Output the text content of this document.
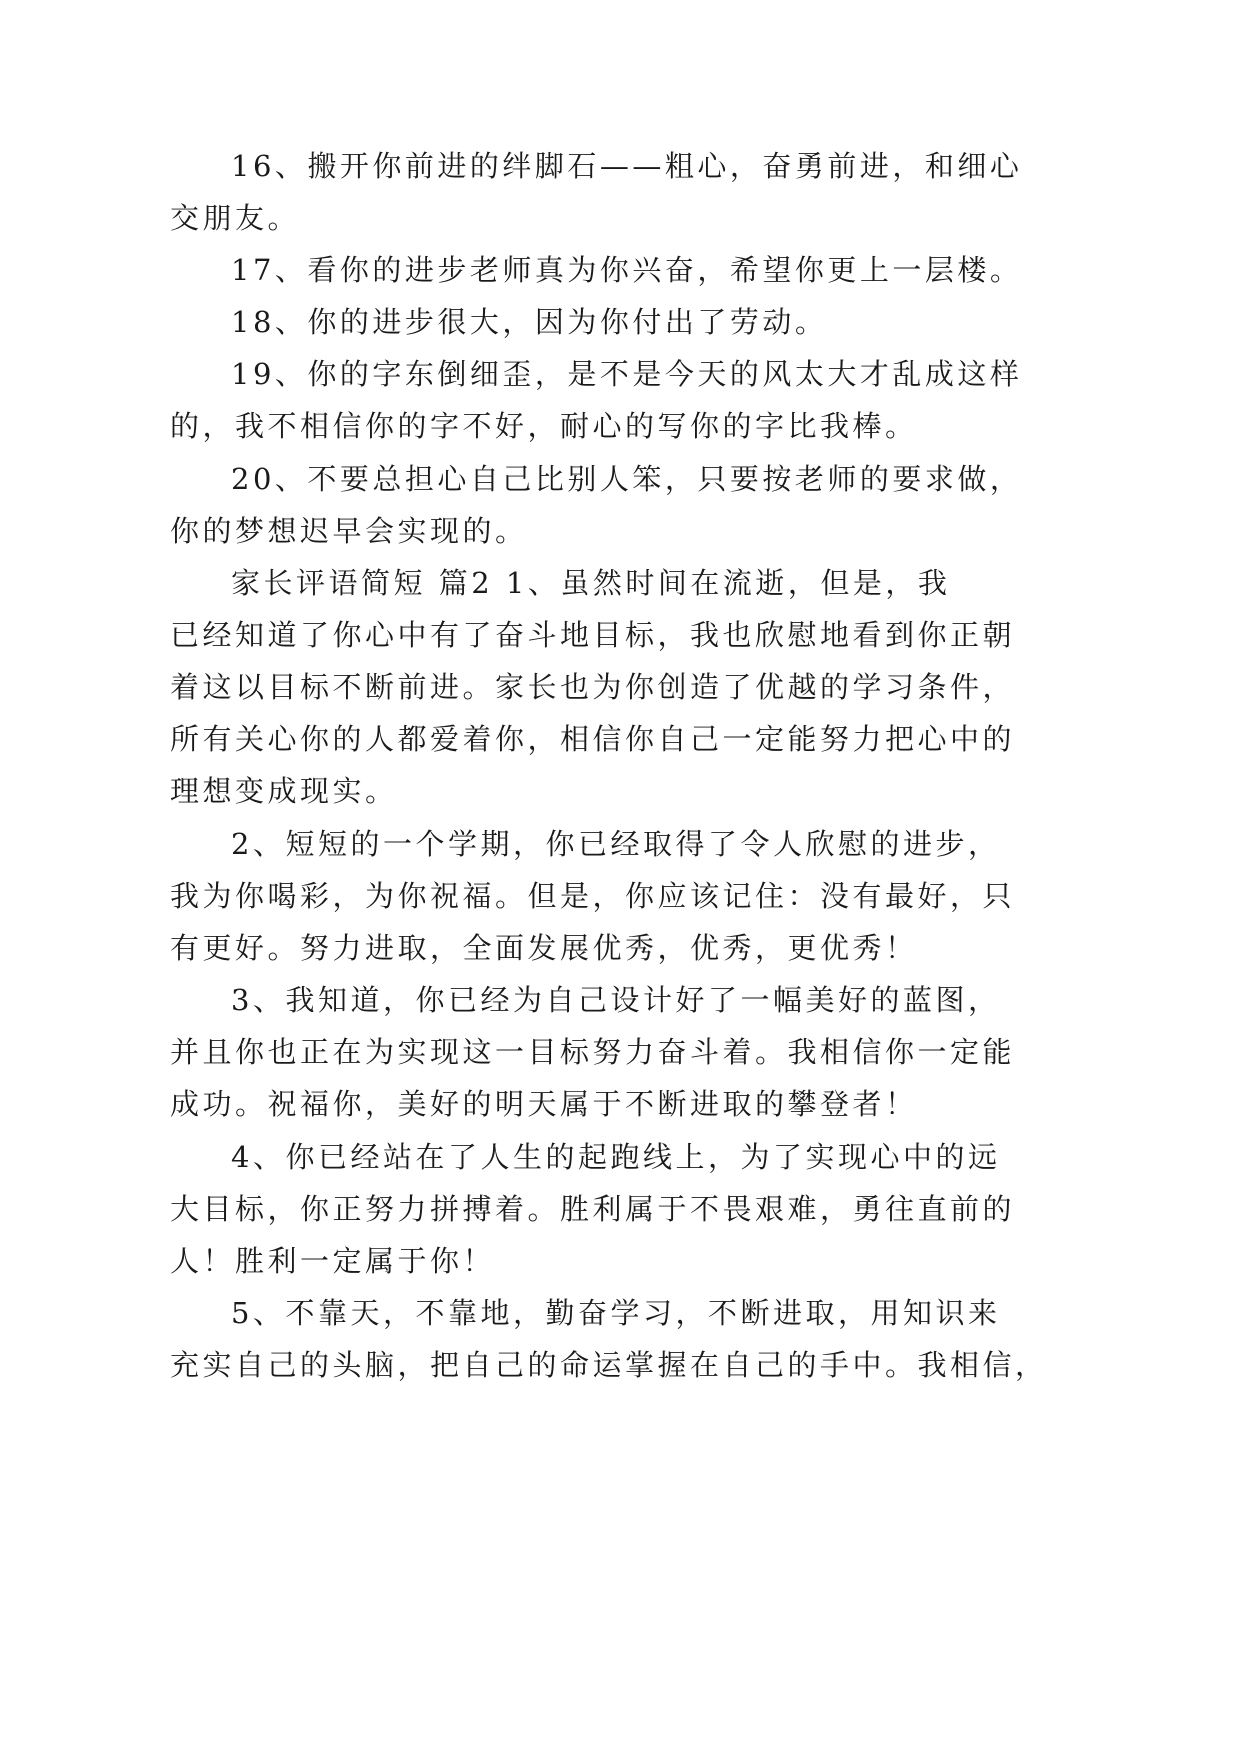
16、搬开你前进的绊脚石——粗心，奋勇前进，和细心
交朋友。
17、看你的进步老师真为你兴奋，希望你更上一层楼。
18、你的进步很大，因为你付出了劳动。
19、你的字东倒细歪，是不是今天的风太大才乱成这样
的，我不相信你的字不好，耐心的写你的字比我棒。
20、不要总担心自己比别人笨，只要按老师的要求做，
你的梦想迟早会实现的。
家长评语简短 篇2 1、虽然时间在流逝，但是，我
已经知道了你心中有了奋斗地目标，我也欣慰地看到你正朝
着这以目标不断前进。家长也为你创造了优越的学习条件，
所有关心你的人都爱着你，相信你自己一定能努力把心中的
理想变成现实。
2、短短的一个学期，你已经取得了令人欣慰的进步，
我为你喝彩，为你祝福。但是，你应该记住：没有最好，只
有更好。努力进取，全面发展优秀，优秀，更优秀！
3、我知道，你已经为自己设计好了一幅美好的蓝图，
并且你也正在为实现这一目标努力奋斗着。我相信你一定能
成功。祝福你，美好的明天属于不断进取的攀登者！
4、你已经站在了人生的起跑线上，为了实现心中的远
大目标，你正努力拼搏着。胜利属于不畏艰难，勇往直前的
人！胜利一定属于你！
5、不靠天，不靠地，勤奋学习，不断进取，用知识来
充实自己的头脑，把自己的命运掌握在自己的手中。我相信，
